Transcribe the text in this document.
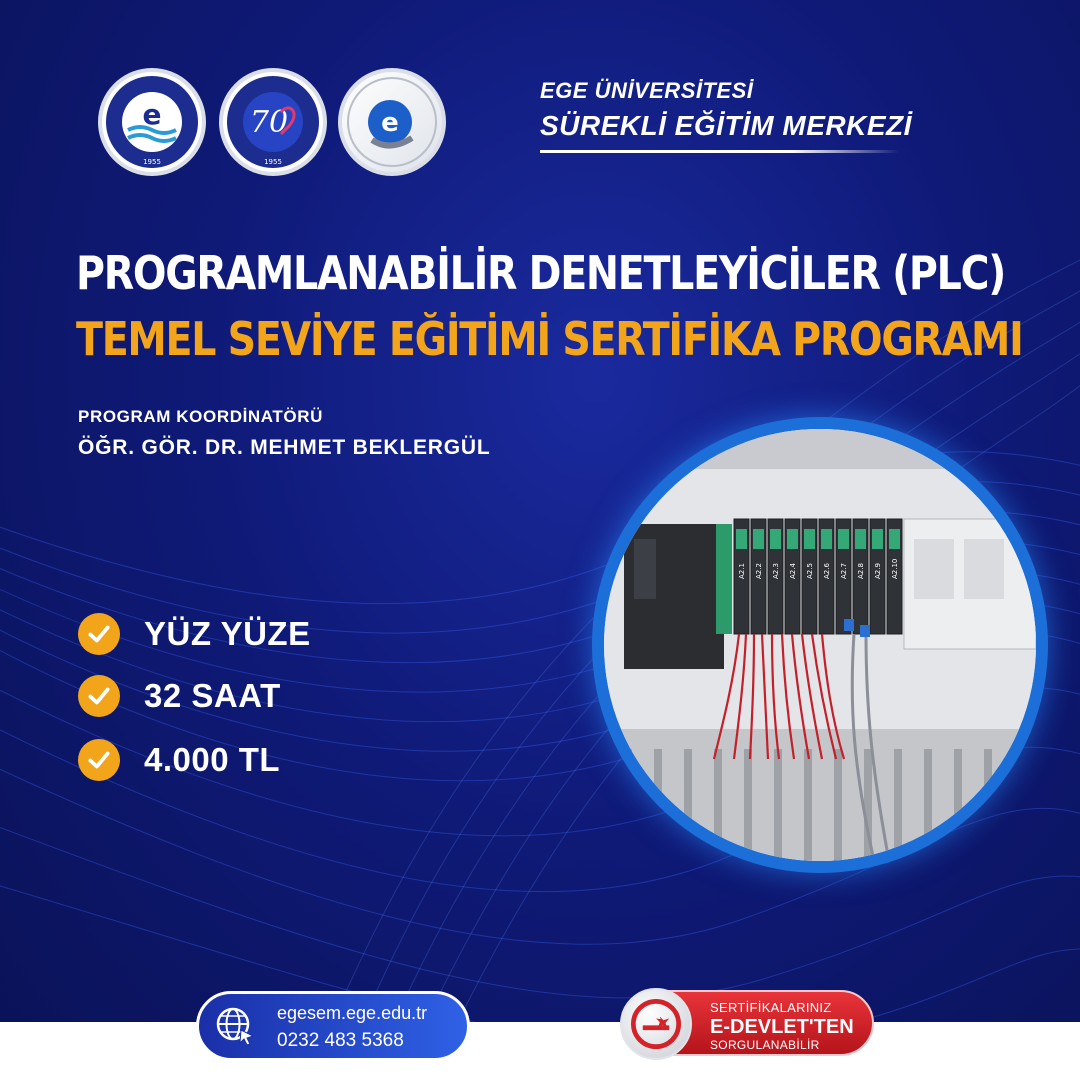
e
1955
70
1955
e
EGE ÜNİVERSİTESİ
SÜREKLİ EĞİTİM MERKEZİ
PROGRAMLANABİLİR DENETLEYİCİLER (PLC)
TEMEL SEVİYE EĞİTİMİ SERTİFİKA PROGRAMI
PROGRAM KOORDİNATÖRÜ
ÖĞR. GÖR. DR. MEHMET BEKLERGÜL
YÜZ YÜZE
32 SAAT
4.000 TL
A2.1 A2.2 A2.3 A2.4 A2.5 A2.6 A2.7 A2.8 A2.9 A2.10
egesem.ege.edu.tr
0232 483 5368
SERTİFİKALARINIZ
E-DEVLET'TEN
SORGULANABİLİR
